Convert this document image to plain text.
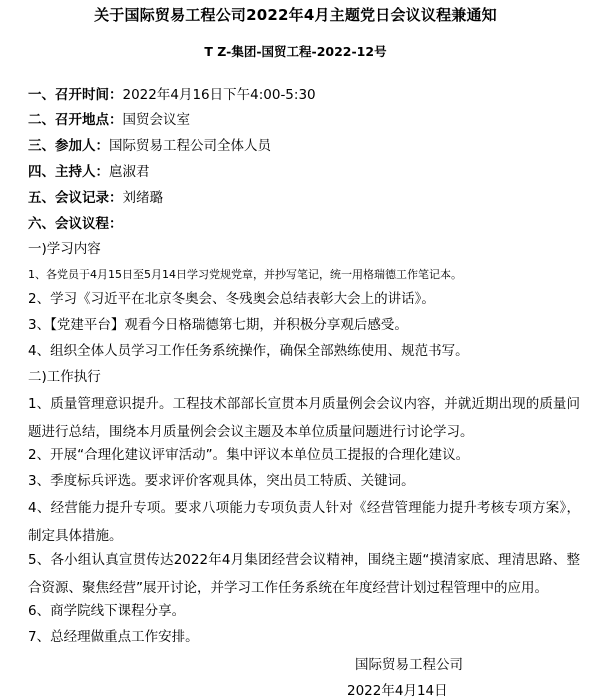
关于国际贸易工程公司2022年4月主题党日会议议程兼通知
T Z-集团-国贸工程-2022-12号
一、召开时间：2022年4月16日下午4:00-5:30
二、召开地点：国贸会议室
三、参加人：国际贸易工程公司全体人员
四、主持人：扈淑君
五、会议记录：刘绪璐
六、会议议程：
一)学习内容
1、各党员于4月15日至5月14日学习党规党章，并抄写笔记，统一用格瑞德工作笔记本。
2、学习《习近平在北京冬奥会、冬残奥会总结表彰大会上的讲话》。
3、【党建平台】观看今日格瑞德第七期，并积极分享观后感受。
4、组织全体人员学习工作任务系统操作，确保全部熟练使用、规范书写。
二)工作执行
1、质量管理意识提升。工程技术部部长宣贯本月质量例会会议内容，并就近期出现的质量问题进行总结，围绕本月质量例会会议主题及本单位质量问题进行讨论学习。
2、开展“合理化建议评审活动”。集中评议本单位员工提报的合理化建议。
3、季度标兵评选。要求评价客观具体，突出员工特质、关键词。
4、经营能力提升专项。要求八项能力专项负责人针对《经营管理能力提升考核专项方案》，制定具体措施。
5、各小组认真宣贯传达2022年4月集团经营会议精神，围绕主题“摸清家底、理清思路、整合资源、聚焦经营”展开讨论，并学习工作任务系统在年度经营计划过程管理中的应用。
6、商学院线下课程分享。
7、总经理做重点工作安排。
国际贸易工程公司
2022年4月14日
